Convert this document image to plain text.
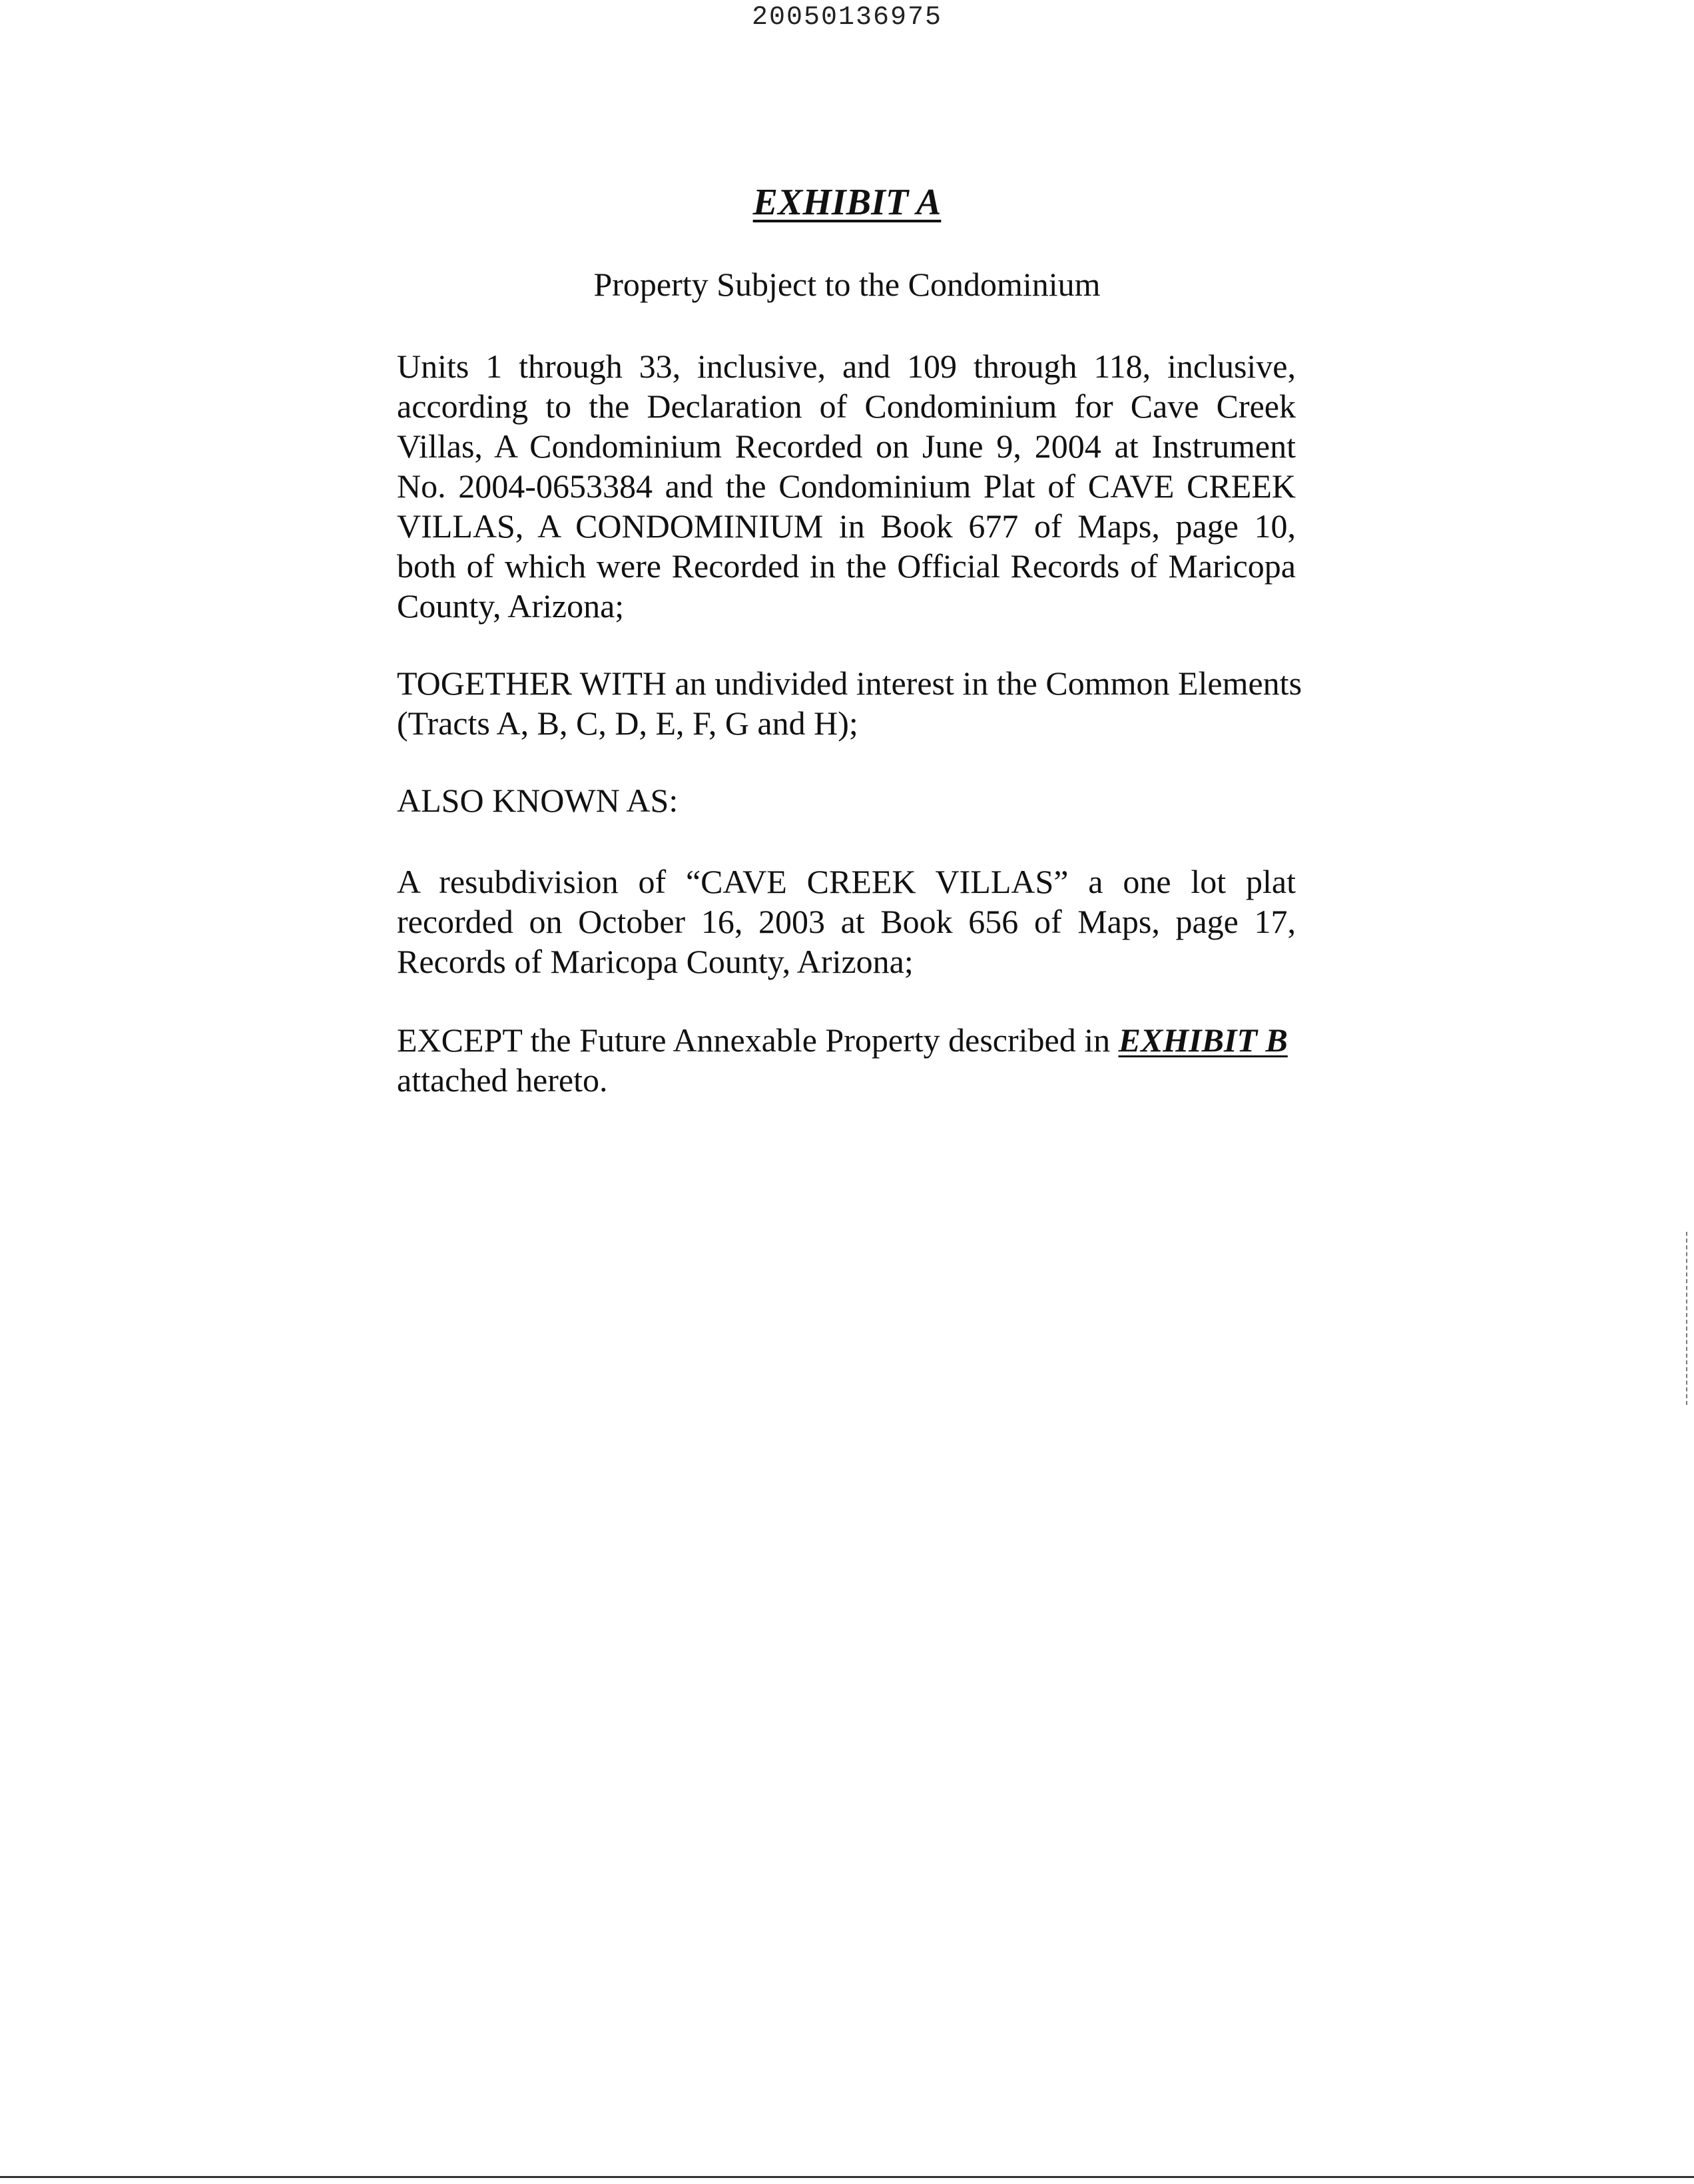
20050136975
EXHIBIT A
Property Subject to the Condominium

Units 1 through 33, inclusive, and 109 through 118, inclusive, according to the Declaration of Condominium for Cave Creek Villas, A Condominium Recorded on June 9, 2004 at Instrument No. 2004-0653384 and the Condominium Plat of CAVE CREEK VILLAS, A CONDOMINIUM in Book 677 of Maps, page 10, both of which were Recorded in the Official Records of Maricopa County, Arizona;

TOGETHER WITH an undivided interest in the Common Elements (Tracts A, B, C, D, E, F, G and H);

ALSO KNOWN AS:

A resubdivision of “CAVE CREEK VILLAS” a one lot plat recorded on October 16, 2003 at Book 656 of Maps, page 17, Records of Maricopa County, Arizona;

EXCEPT the Future Annexable Property described in EXHIBIT B attached hereto.
